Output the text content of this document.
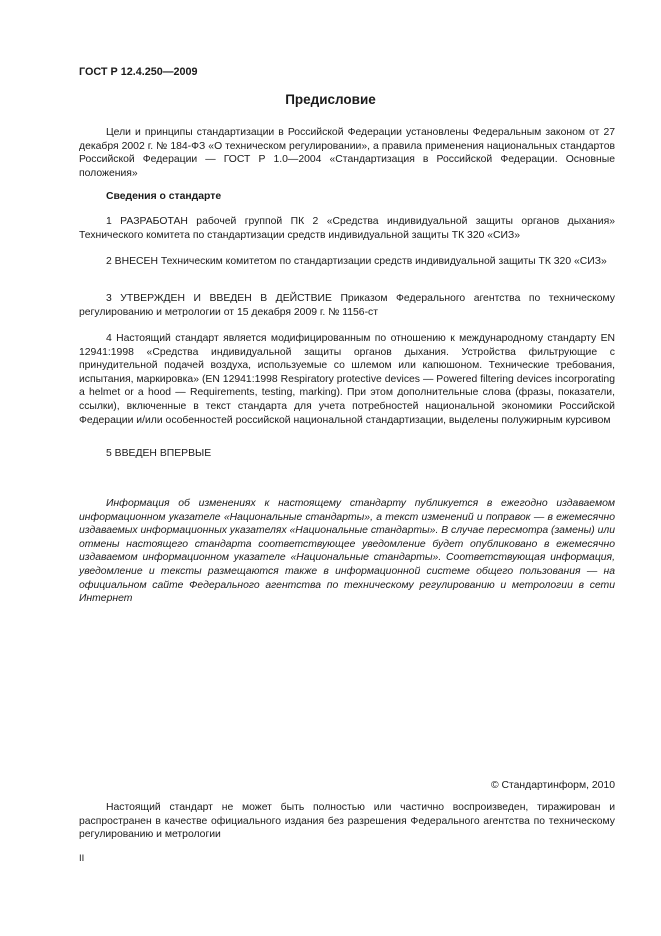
ГОСТ Р 12.4.250—2009
Предисловие

Цели и принципы стандартизации в Российской Федерации установлены Федеральным законом от 27 декабря 2002 г. № 184-ФЗ «О техническом регулировании», а правила применения национальных стандартов Российской Федерации — ГОСТ Р 1.0—2004 «Стандартизация в Российской Федерации. Основные положения»

Сведения о стандарте

1 РАЗРАБОТАН рабочей группой ПК 2 «Средства индивидуальной защиты органов дыхания» Технического комитета по стандартизации средств индивидуальной защиты ТК 320 «СИЗ»

2 ВНЕСЕН Техническим комитетом по стандартизации средств индивидуальной защиты ТК 320 «СИЗ»

3 УТВЕРЖДЕН И ВВЕДЕН В ДЕЙСТВИЕ Приказом Федерального агентства по техническому регулированию и метрологии от 15 декабря 2009 г. № 1156-ст

4 Настоящий стандарт является модифицированным по отношению к международному стандарту EN 12941:1998 «Средства индивидуальной защиты органов дыхания. Устройства фильтрующие с принудительной подачей воздуха, используемые со шлемом или капюшоном. Технические требования, испытания, маркировка» (EN 12941:1998 Respiratory protective devices — Powered filtering devices incorporating a helmet or a hood — Requirements, testing, marking). При этом дополнительные слова (фразы, показатели, ссылки), включенные в текст стандарта для учета потребностей национальной экономики Российской Федерации и/или особенностей российской национальной стандартизации, выделены полужирным курсивом

5 ВВЕДЕН ВПЕРВЫЕ

Информация об изменениях к настоящему стандарту публикуется в ежегодно издаваемом информационном указателе «Национальные стандарты», а текст изменений и поправок — в ежемесячно издаваемых информационных указателях «Национальные стандарты». В случае пересмотра (замены) или отмены настоящего стандарта соответствующее уведомление будет опубликовано в ежемесячно издаваемом информационном указателе «Национальные стандарты». Соответствующая информация, уведомление и тексты размещаются также в информационной системе общего пользования — на официальном сайте Федерального агентства по техническому регулированию и метрологии в сети Интернет

© Стандартинформ, 2010

Настоящий стандарт не может быть полностью или частично воспроизведен, тиражирован и распространен в качестве официального издания без разрешения Федерального агентства по техническому регулированию и метрологии

II
